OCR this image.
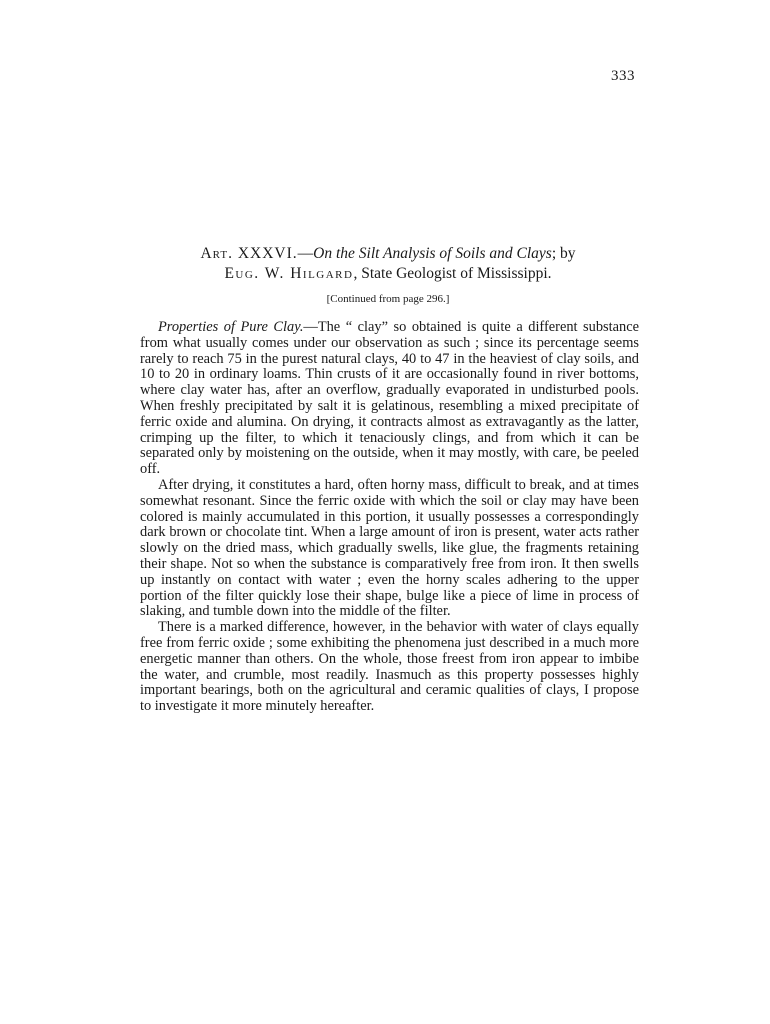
333
Art. XXXVI.—On the Silt Analysis of Soils and Clays; by
Eug. W. Hilgard, State Geologist of Mississippi.
[Continued from page 296.]

Properties of Pure Clay.—The “ clay” so obtained is quite a different substance from what usually comes under our observation as such ; since its percentage seems rarely to reach 75 in the purest natural clays, 40 to 47 in the heaviest of clay soils, and 10 to 20 in ordinary loams. Thin crusts of it are occasionally found in river bottoms, where clay water has, after an overflow, gradually evaporated in undisturbed pools. When freshly precipitated by salt it is gelatinous, resembling a mixed precipitate of ferric oxide and alumina. On drying, it contracts almost as extravagantly as the latter, crimping up the filter, to which it tenaciously clings, and from which it can be separated only by moistening on the outside, when it may mostly, with care, be peeled off.

After drying, it constitutes a hard, often horny mass, difficult to break, and at times somewhat resonant. Since the ferric oxide with which the soil or clay may have been colored is mainly accumulated in this portion, it usually possesses a correspondingly dark brown or chocolate tint. When a large amount of iron is present, water acts rather slowly on the dried mass, which gradually swells, like glue, the fragments retaining their shape. Not so when the substance is comparatively free from iron. It then swells up instantly on contact with water ; even the horny scales adhering to the upper portion of the filter quickly lose their shape, bulge like a piece of lime in process of slaking, and tumble down into the middle of the filter.

There is a marked difference, however, in the behavior with water of clays equally free from ferric oxide ; some exhibiting the phenomena just described in a much more energetic manner than others. On the whole, those freest from iron appear to imbibe the water, and crumble, most readily. Inasmuch as this property possesses highly important bearings, both on the agricultural and ceramic qualities of clays, I propose to investigate it more minutely hereafter.
